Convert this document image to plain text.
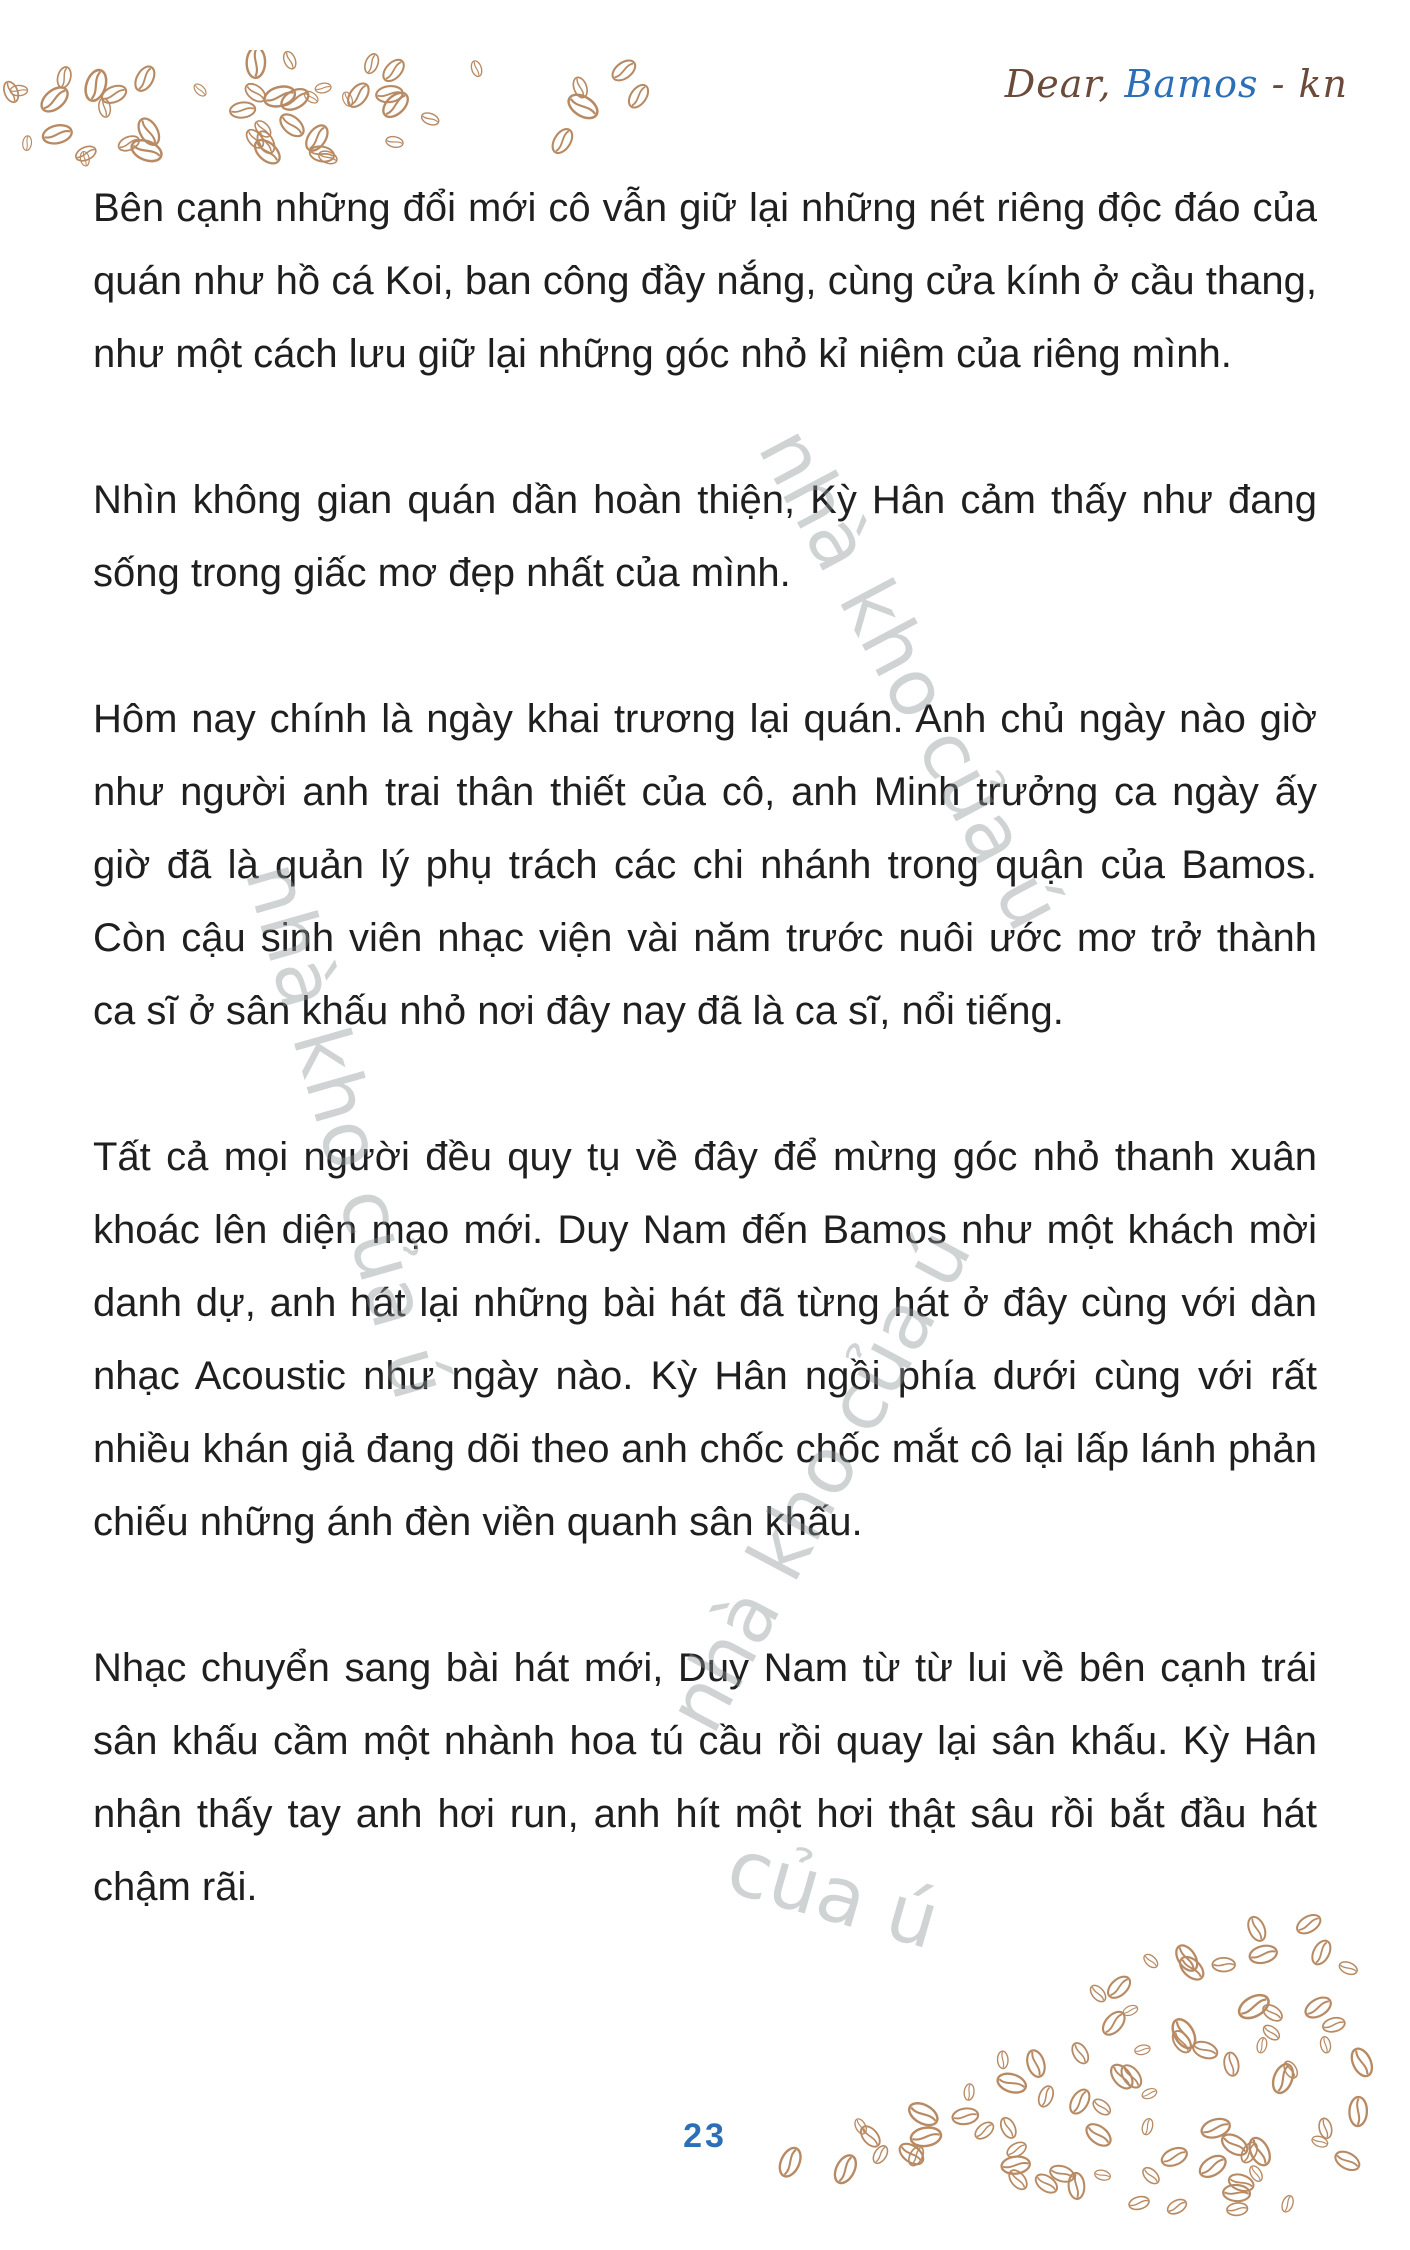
Dear, Bamos - kn

Bên cạnh những đổi mới cô vẫn giữ lại những nét riêng độc đáo của quán như hồ cá Koi, ban công đầy nắng, cùng cửa kính ở cầu thang, như một cách lưu giữ lại những góc nhỏ kỉ niệm của riêng mình.

Nhìn không gian quán dần hoàn thiện, Kỳ Hân cảm thấy như đang sống trong giấc mơ đẹp nhất của mình.

Hôm nay chính là ngày khai trương lại quán. Anh chủ ngày nào giờ như người anh trai thân thiết của cô, anh Minh trưởng ca ngày ấy giờ đã là quản lý phụ trách các chi nhánh trong quận của Bamos. Còn cậu sinh viên nhạc viện vài năm trước nuôi ước mơ trở thành ca sĩ ở sân khấu nhỏ nơi đây nay đã là ca sĩ, nổi tiếng.

Tất cả mọi người đều quy tụ về đây để mừng góc nhỏ thanh xuân khoác lên diện mạo mới. Duy Nam đến Bamos như một khách mời danh dự, anh hát lại những bài hát đã từng hát ở đây cùng với dàn nhạc Acoustic như ngày nào. Kỳ Hân ngồi phía dưới cùng với rất nhiều khán giả đang dõi theo anh chốc chốc mắt cô lại lấp lánh phản chiếu những ánh đèn viền quanh sân khấu.

Nhạc chuyển sang bài hát mới, Duy Nam từ từ lui về bên cạnh trái sân khấu cầm một nhành hoa tú cầu rồi quay lại sân khấu. Kỳ Hân nhận thấy tay anh hơi run, anh hít một hơi thật sâu rồi bắt đầu hát chậm rãi.

nhà kho của ú
nhà kho của ú
nhà kho của ú
của ú
23
